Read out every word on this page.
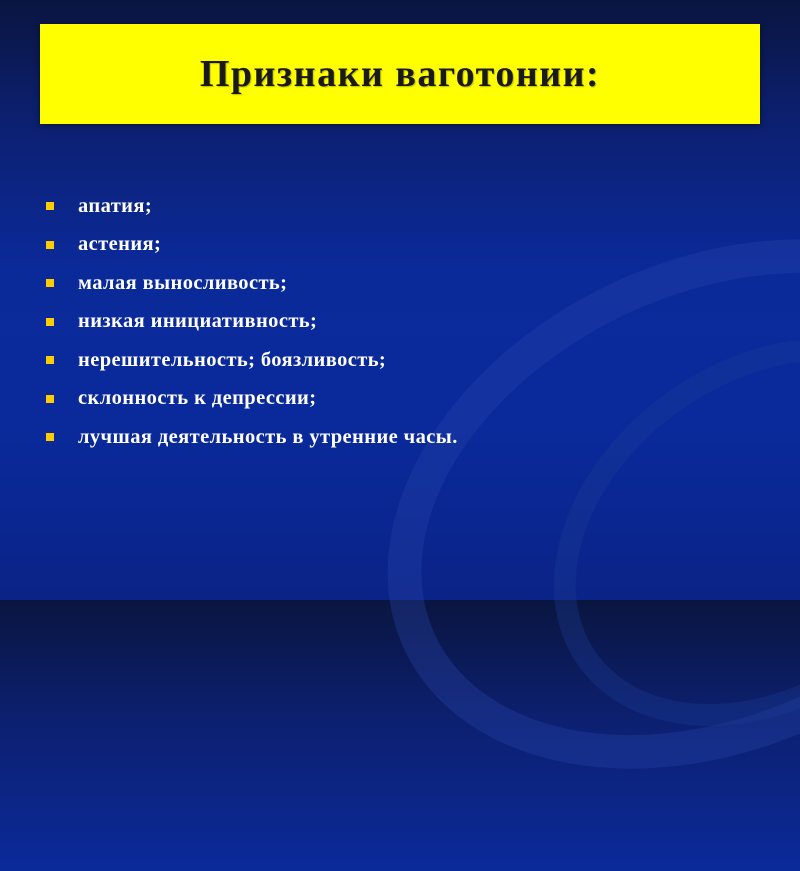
Признаки ваготонии:
апатия;
астения;
малая выносливость;
низкая инициативность;
нерешительность; боязливость;
склонность к депрессии;
лучшая деятельность в утренние часы.
